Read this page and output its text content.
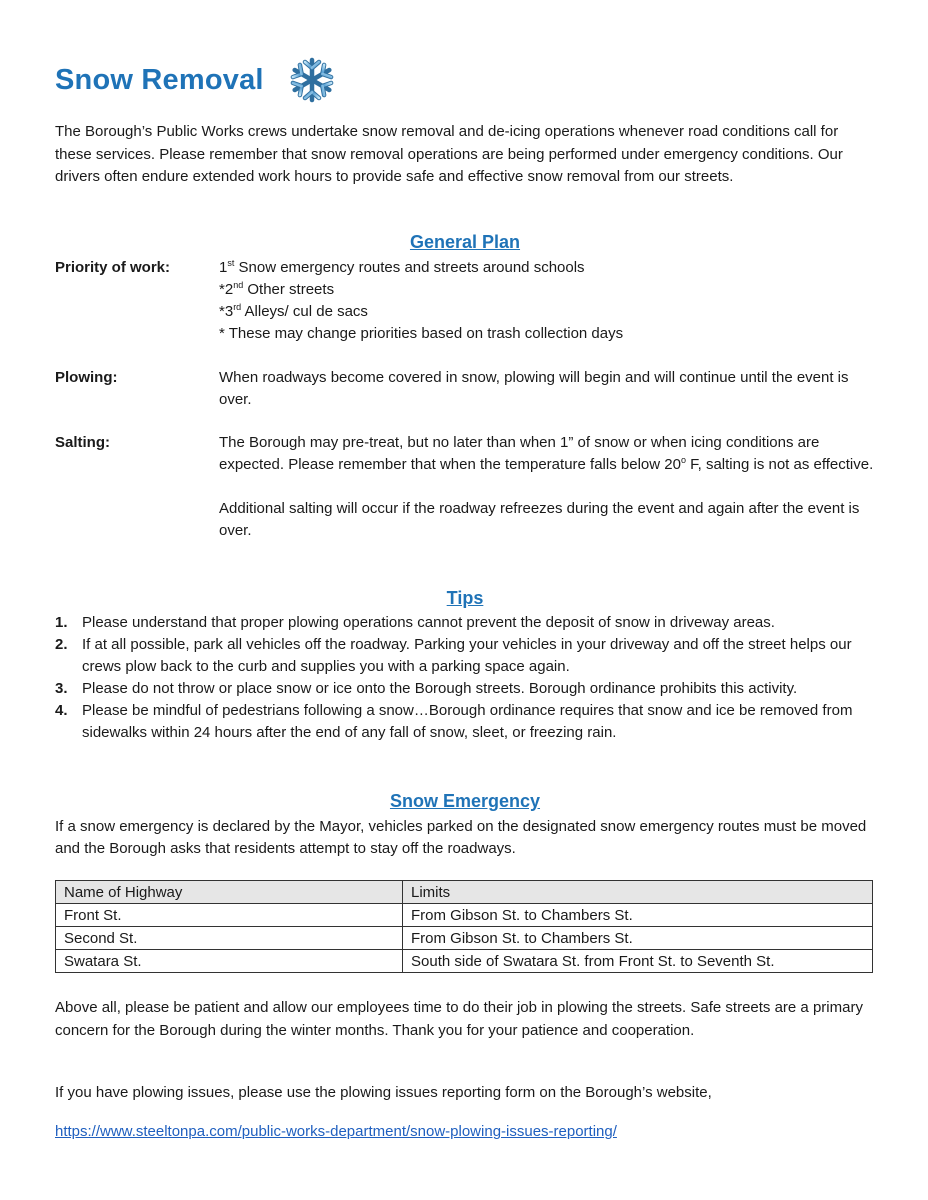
Snow Removal
The Borough’s Public Works crews undertake snow removal and de-icing operations whenever road conditions call for these services. Please remember that snow removal operations are being performed under emergency conditions. Our drivers often endure extended work hours to provide safe and effective snow removal from our streets.
General Plan
Priority of work:	1st Snow emergency routes and streets around schools

*2nd Other streets

*3rd Alleys/ cul de sacs

* These may change priorities based on trash collection days

Plowing:	When roadways become covered in snow, plowing will begin and will continue until the event is over.
Salting:	The Borough may pre-treat, but no later than when 1” of snow or when icing conditions are expected. Please remember that when the temperature falls below 20$^o$ F, salting is not as effective.

Additional salting will occur if the roadway refreezes during the event and again after the event is over.

Tips
1. Please understand that proper plowing operations cannot prevent the deposit of snow in driveway areas.
2. If at all possible, park all vehicles off the roadway. Parking your vehicles in your driveway and off the street helps our crews plow back to the curb and supplies you with a parking space again.
3. Please do not throw or place snow or ice onto the Borough streets. Borough ordinance prohibits this activity.
4. Please be mindful of pedestrians following a snow…Borough ordinance requires that snow and ice be removed from sidewalks within 24 hours after the end of any fall of snow, sleet, or freezing rain.
Snow Emergency
If a snow emergency is declared by the Mayor, vehicles parked on the designated snow emergency routes must be moved and the Borough asks that residents attempt to stay off the roadways.
Name of Highway	Limits
Front St.	From Gibson St. to Chambers St.
Second St.	From Gibson St. to Chambers St.
Swatara St.	South side of Swatara St. from Front St. to Seventh St.
Above all, please be patient and allow our employees time to do their job in plowing the streets. Safe streets are a primary concern for the Borough during the winter months. Thank you for your patience and cooperation.
If you have plowing issues, please use the plowing issues reporting form on the Borough’s website,
https://www.steeltonpa.com/public-works-department/snow-plowing-issues-reporting/
